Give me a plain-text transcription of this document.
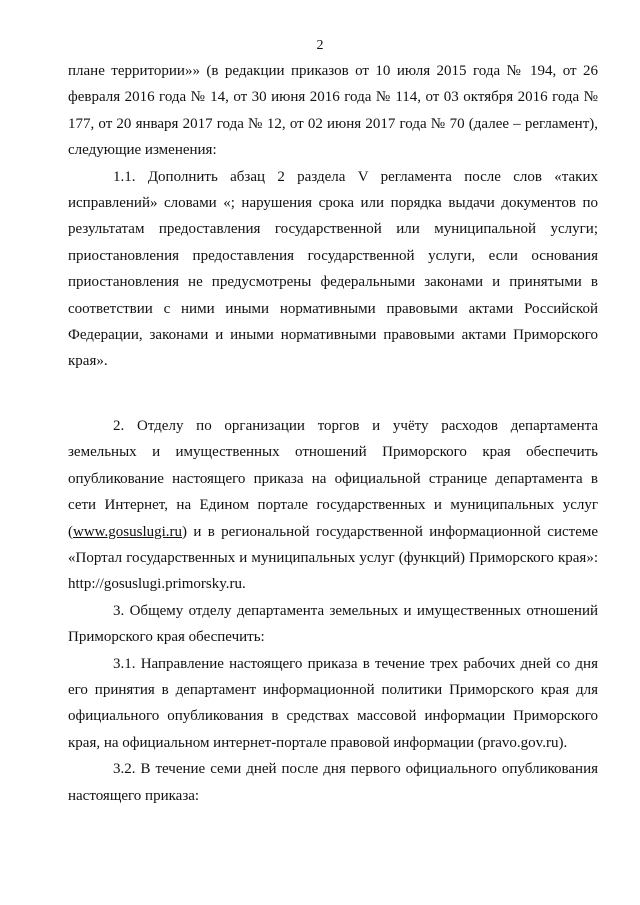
2

плане территории»» (в редакции приказов от 10 июля 2015 года № 194, от 26 февраля 2016 года № 14, от 30 июня 2016 года № 114, от 03 октября 2016 года № 177, от 20 января 2017 года № 12, от 02 июня 2017 года № 70 (далее – регламент), следующие изменения:

1.1. Дополнить абзац 2 раздела V регламента после слов «таких исправлений» словами «; нарушения срока или порядка выдачи документов по результатам предоставления государственной или муниципальной услуги; приостановления предоставления государственной услуги, если основания приостановления не предусмотрены федеральными законами и принятыми в соответствии с ними иными нормативными правовыми актами Российской Федерации, законами и иными нормативными правовыми актами Приморского края».

2. Отделу по организации торгов и учёту расходов департамента земельных и имущественных отношений Приморского края обеспечить опубликование настоящего приказа на официальной странице департамента в сети Интернет, на Едином портале государственных и муниципальных услуг (www.gosuslugi.ru) и в региональной государственной информационной системе «Портал государственных и муниципальных услуг (функций) Приморского края»: http://gosuslugi.primorsky.ru.

3. Общему отделу департамента земельных и имущественных отношений Приморского края обеспечить:

3.1. Направление настоящего приказа в течение трех рабочих дней со дня его принятия в департамент информационной политики Приморского края для официального опубликования в средствах массовой информации Приморского края, на официальном интернет-портале правовой информации (pravo.gov.ru).

3.2. В течение семи дней после дня первого официального опубликования настоящего приказа:
